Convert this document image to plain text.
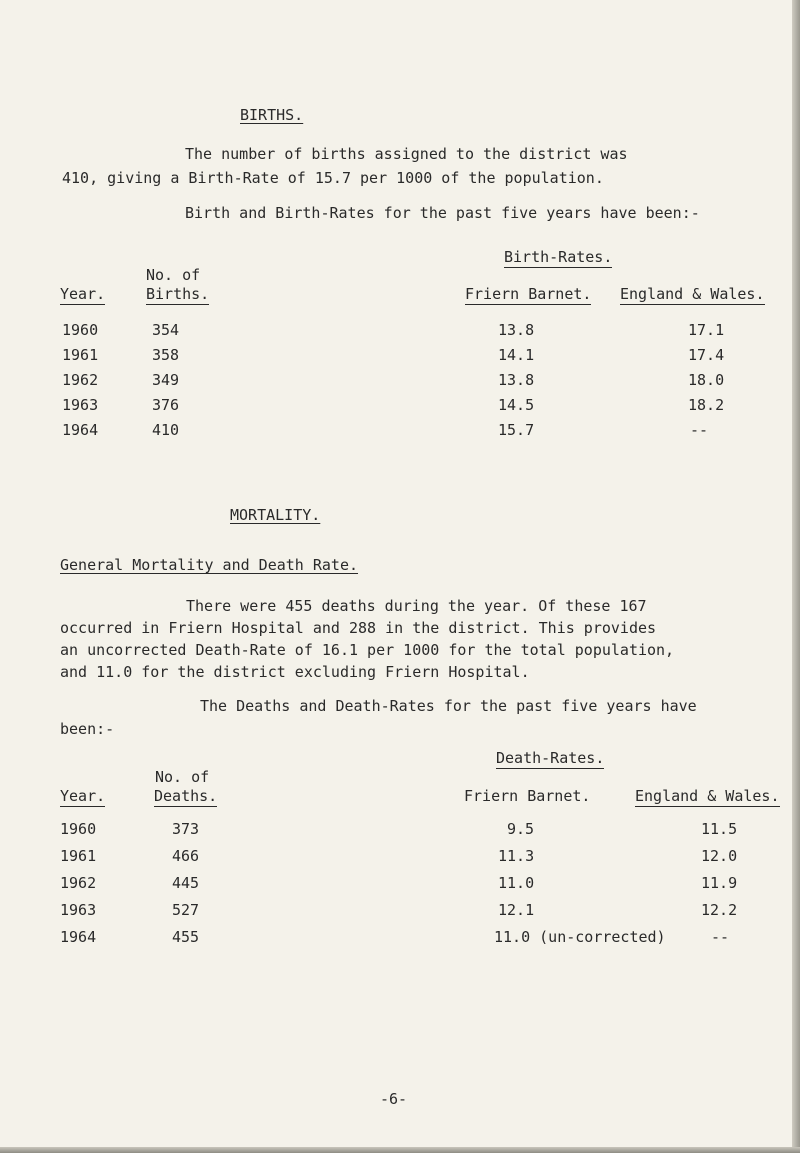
BIRTHS.
The number of births assigned to the district was
410, giving a Birth-Rate of 15.7 per 1000 of the population.
Birth and Birth-Rates for the past five years have been:-
Birth-Rates.
No. of
Year.	Births.	Friern Barnet. England & Wales.
1960	354	13.8	17.1
1961	358	14.1	17.4
1962	349	13.8	18.0
1963	376	14.5	18.2
1964	410	15.7	--
MORTALITY.
General Mortality and Death Rate.
There were 455 deaths during the year. Of these 167
occurred in Friern Hospital and 288 in the district. This provides
an uncorrected Death-Rate of 16.1 per 1000 for the total population,
and 11.0 for the district excluding Friern Hospital.
The Deaths and Death-Rates for the past five years have
been:-
Death-Rates.
No. of
Year.	Deaths.	Friern Barnet.	England & Wales.
1960	373	9.5	11.5
1961	466	11.3	12.0
1962	445	11.0	11.9
1963	527	12.1	12.2
1964	455	11.0 (un-corrected)	--
-6-
